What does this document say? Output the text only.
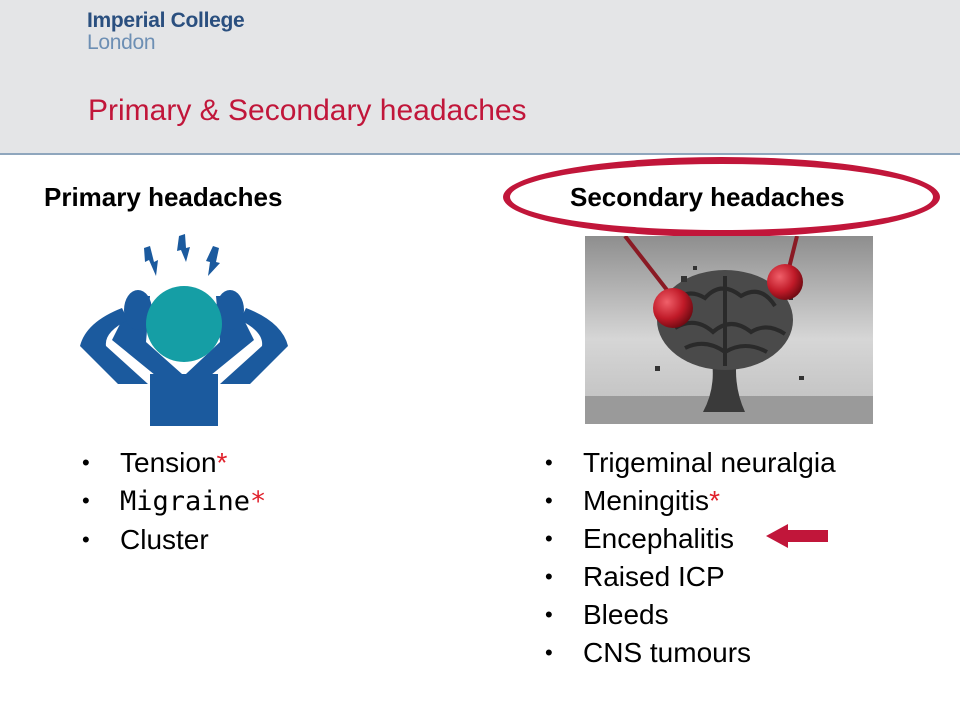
Imperial College
London
Primary & Secondary headaches
Primary headaches
• Tension*
• Migraine*
• Cluster
Secondary headaches
• Trigeminal neuralgia
• Meningitis*
• Encephalitis
• Raised ICP
• Bleeds
• CNS tumours
